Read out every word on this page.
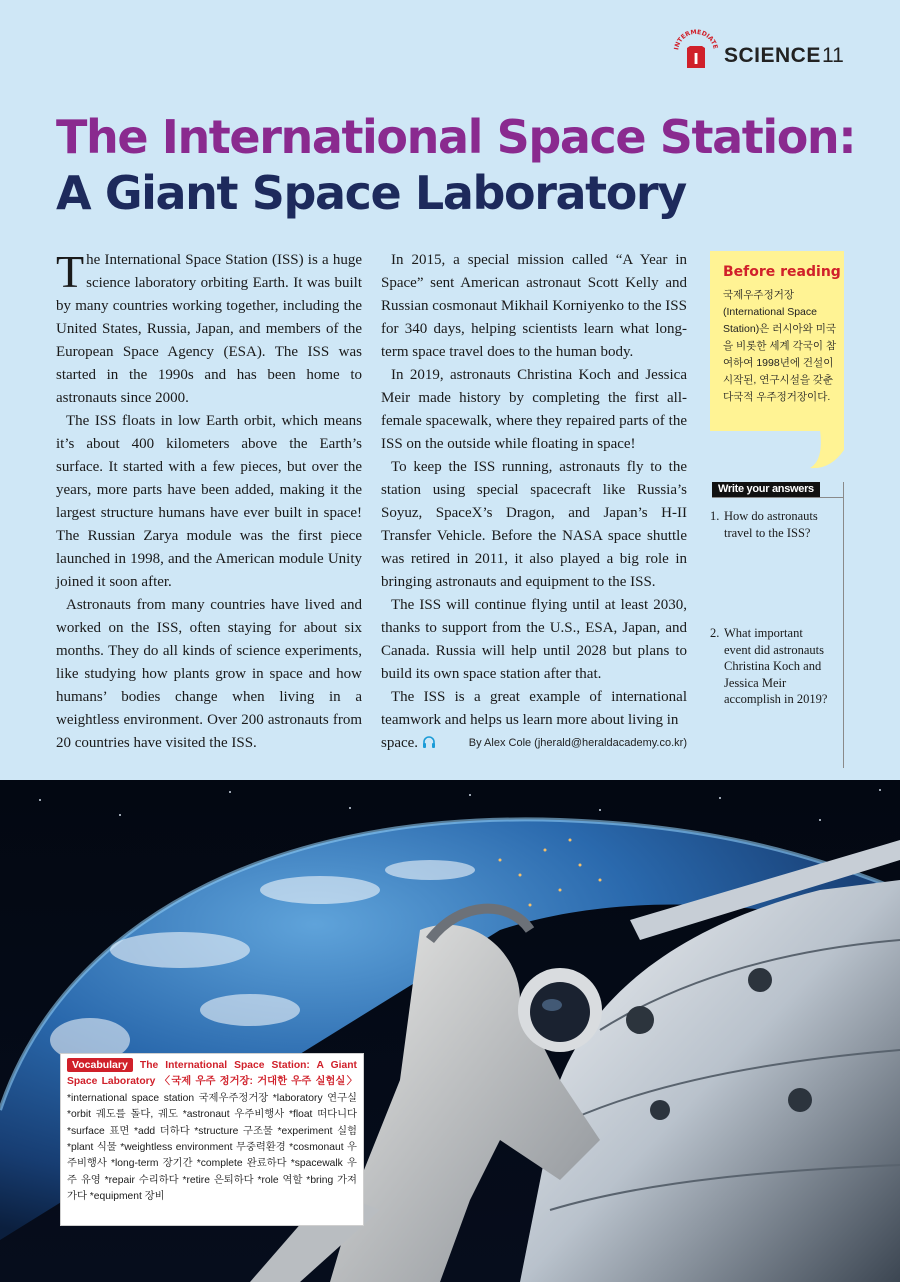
INTERMEDIATE
I SCIENCE 11
The International Space Station:
A Giant Space Laboratory

The International Space Station (ISS) is a huge science laboratory orbiting Earth. It was built by many countries working together, including the United States, Russia, Japan, and members of the European Space Agency (ESA). The ISS was started in the 1990s and has been home to astronauts since 2000.

The ISS floats in low Earth orbit, which means it’s about 400 kilometers above the Earth’s surface. It started with a few pieces, but over the years, more parts have been added, making it the largest structure humans have ever built in space! The Russian Zarya module was the first piece launched in 1998, and the American module Unity joined it soon after.

Astronauts from many countries have lived and worked on the ISS, often staying for about six months. They do all kinds of science experiments, like studying how plants grow in space and how humans’ bodies change when living in a weightless environment. Over 200 astronauts from 20 countries have visited the ISS.

In 2015, a special mission called “A Year in Space” sent American astronaut Scott Kelly and Russian cosmonaut Mikhail Korniyenko to the ISS for 340 days, helping scientists learn what long-term space travel does to the human body.

In 2019, astronauts Christina Koch and Jessica Meir made history by completing the first all-female spacewalk, where they repaired parts of the ISS on the outside while floating in space!

To keep the ISS running, astronauts fly to the station using special spacecraft like Russia’s Soyuz, SpaceX’s Dragon, and Japan’s H-II Transfer Vehicle. Before the NASA space shuttle was retired in 2011, it also played a big role in bringing astronauts and equipment to the ISS.

The ISS will continue flying until at least 2030, thanks to support from the U.S., ESA, Japan, and Canada. Russia will help until 2028 but plans to build its own space station after that.

The ISS is a great example of international teamwork and helps us learn more about living in

space.	By Alex Cole (jherald@heraldacademy.co.kr)
Before reading
국제우주정거장 (International Space Station)은 러시아와 미국을 비롯한 세계 각국이 참여하여 1998년에 건설이 시작된, 연구시설을 갖춘 다국적 우주정거장이다.
Write your answers
1. How do astronauts travel to the ISS?
2. What important event did astronauts Christina Koch and Jessica Meir accomplish in 2019?
Vocabulary The International Space Station: A Giant Space Laboratory 〈국제 우주 정거장: 거대한 우주 실험실〉 *international space station 국제우주정거장 *laboratory 연구실 *orbit 궤도를 돌다, 궤도 *astronaut 우주비행사 *float 떠다니다 *surface 표면 *add 더하다 *structure 구조물 *experiment 실험 *plant 식물 *weightless environment 무중력환경 *cosmonaut 우주비행사 *long-term 장기간 *complete 완료하다 *spacewalk 우주 유영 *repair 수리하다 *retire 은퇴하다 *role 역할 *bring 가져가다 *equipment 장비
